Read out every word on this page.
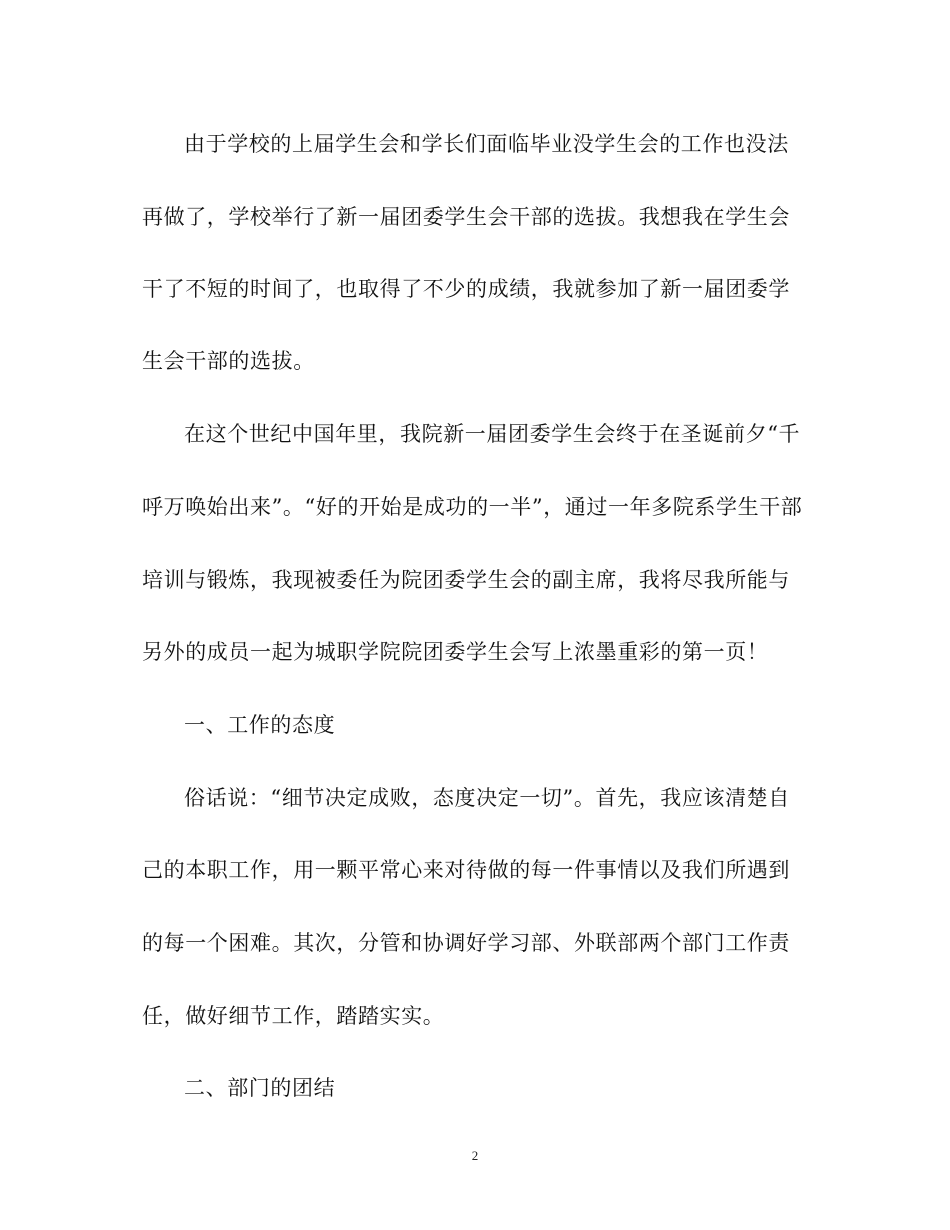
由于学校的上届学生会和学长们面临毕业没学生会的工作也没法
再做了，学校举行了新一届团委学生会干部的选拔。我想我在学生会
干了不短的时间了，也取得了不少的成绩，我就参加了新一届团委学
生会干部的选拔。
在这个世纪中国年里，我院新一届团委学生会终于在圣诞前夕“千
呼万唤始出来”。“好的开始是成功的一半”，通过一年多院系学生干部
培训与锻炼，我现被委任为院团委学生会的副主席，我将尽我所能与
另外的成员一起为城职学院院团委学生会写上浓墨重彩的第一页！
一、工作的态度
俗话说：“细节决定成败，态度决定一切”。首先，我应该清楚自
己的本职工作，用一颗平常心来对待做的每一件事情以及我们所遇到
的每一个困难。其次，分管和协调好学习部、外联部两个部门工作责
任，做好细节工作，踏踏实实。
二、部门的团结
2
